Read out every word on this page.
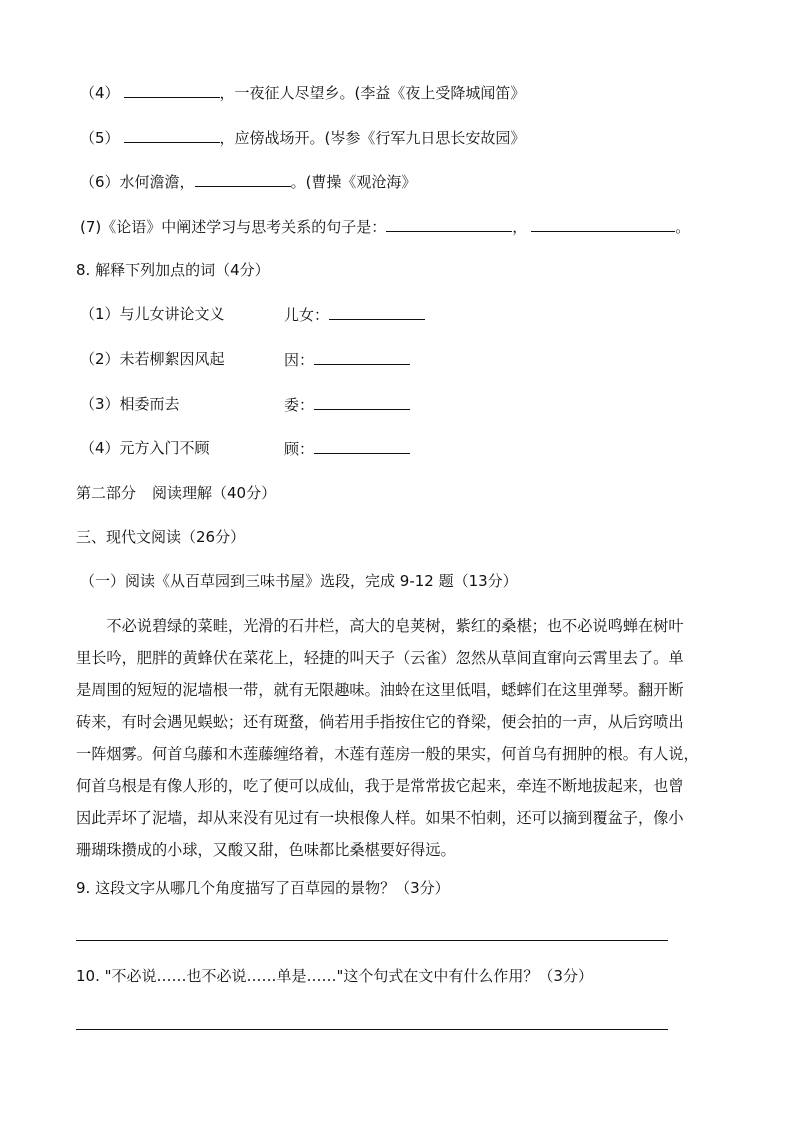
（4）	，一夜征人尽望乡。(李益《夜上受降城闻笛》
（5）	，应傍战场开。(岑参《行军九日思长安故园》
（6）水何澹澹，	。(曹操《观沧海》
(7)《论语》中阐述学习与思考关系的句子是：	，	。
8. 解释下列加点的词（4分）
（1）与儿女讲论文义	儿女：
（2）未若柳絮因风起	因：
（3）相委而去	委：
（4）元方入门不顾	顾：
第二部分 阅读理解（40分）
三、现代文阅读（26分）
（一）阅读《从百草园到三味书屋》选段，完成 9-12 题（13分）
　　不必说碧绿的菜畦，光滑的石井栏，高大的皂荚树，紫红的桑椹；也不必说鸣蝉在树叶
里长吟，肥胖的黄蜂伏在菜花上，轻捷的叫天子（云雀）忽然从草间直窜向云霄里去了。单
是周围的短短的泥墙根一带，就有无限趣味。油蛉在这里低唱，蟋蟀们在这里弹琴。翻开断
砖来，有时会遇见蜈蚣；还有斑蝥，倘若用手指按住它的脊梁，便会拍的一声，从后窍喷出
一阵烟雾。何首乌藤和木莲藤缠络着，木莲有莲房一般的果实，何首乌有拥肿的根。有人说，
何首乌根是有像人形的，吃了便可以成仙，我于是常常拔它起来，牵连不断地拔起来，也曾
因此弄坏了泥墙，却从来没有见过有一块根像人样。如果不怕刺，还可以摘到覆盆子，像小
珊瑚珠攒成的小球，又酸又甜，色味都比桑椹要好得远。
9. 这段文字从哪几个角度描写了百草园的景物？（3分）
10. "不必说……也不必说……单是……"这个句式在文中有什么作用？（3分）
